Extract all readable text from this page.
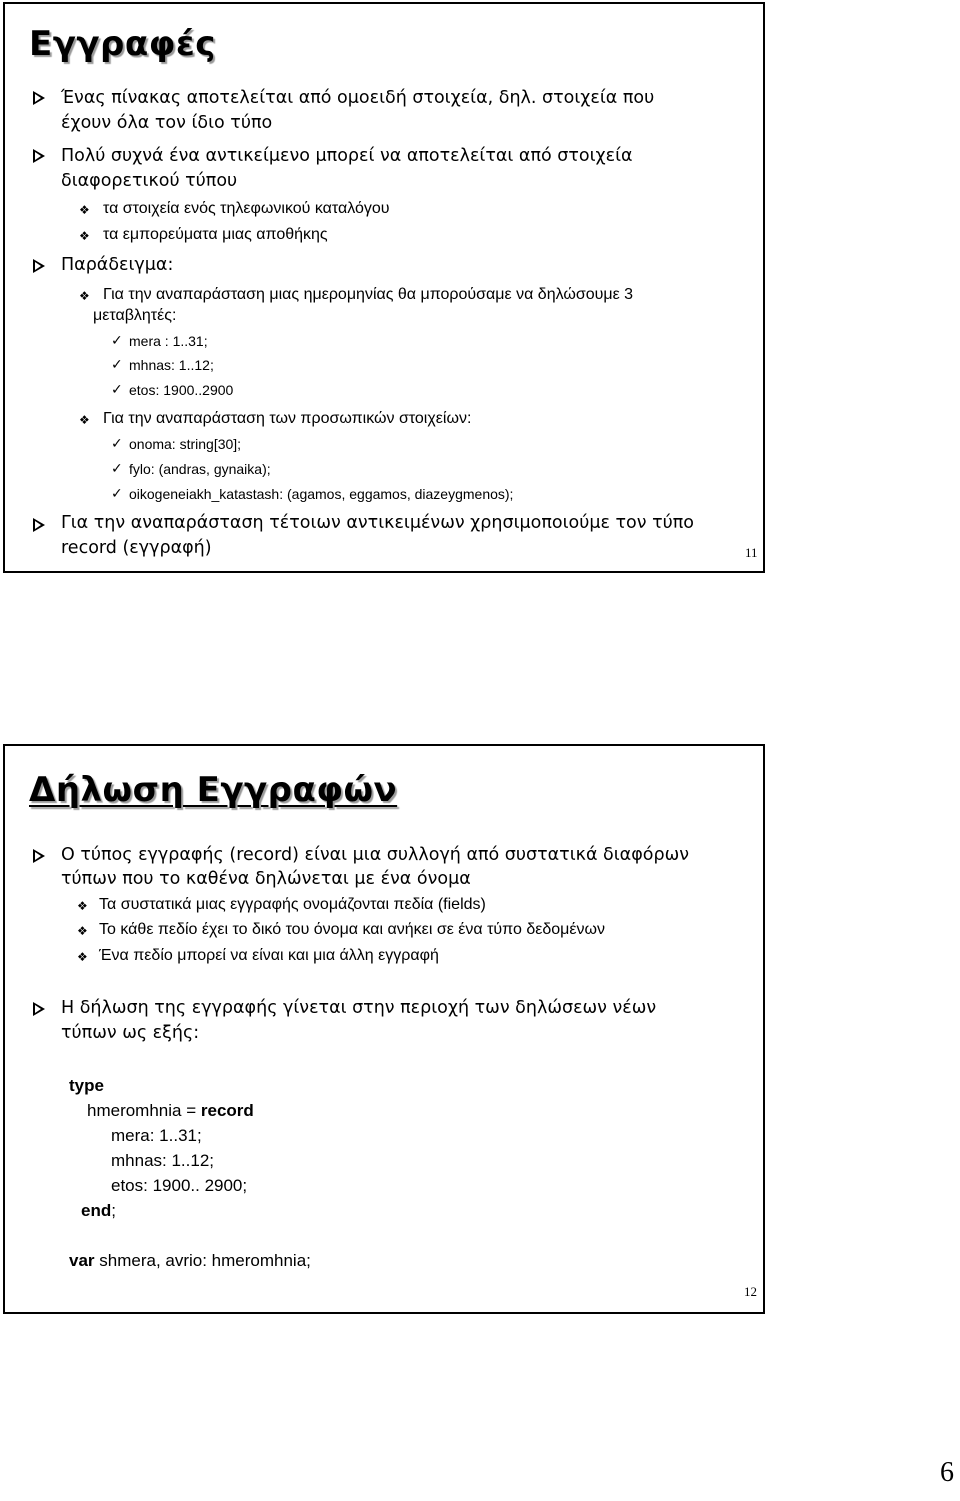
Εγγραφές
Ένας πίνακας αποτελείται από ομοειδή στοιχεία, δηλ. στοιχεία που
έχουν όλα τον ίδιο τύπο
Πολύ συχνά ένα αντικείμενο μπορεί να αποτελείται από στοιχεία
διαφορετικού τύπου
❖ τα στοιχεία ενός τηλεφωνικού καταλόγου
❖ τα εμπορεύματα μιας αποθήκης
Παράδειγμα:
❖ Για την αναπαράσταση μιας ημερομηνίας θα μπορούσαμε να δηλώσουμε 3
μεταβλητές:
✓ mera : 1..31;
✓ mhnas: 1..12;
✓ etos: 1900..2900
❖ Για την αναπαράσταση των προσωπικών στοιχείων:
✓ onoma: string[30];
✓ fylo: (andras, gynaika);
✓ oikogeneiakh_katastash: (agamos, eggamos, diazeygmenos);
Για την αναπαράσταση τέτοιων αντικειμένων χρησιμοποιούμε τον τύπο
record (εγγραφή)	11
Δήλωση Εγγραφών
Ο τύπος εγγραφής (record) είναι μια συλλογή από συστατικά διαφόρων
τύπων που το καθένα δηλώνεται με ένα όνομα
❖ Τα συστατικά μιας εγγραφής ονομάζονται πεδία (fields)
❖ Το κάθε πεδίο έχει το δικό του όνομα και ανήκει σε ένα τύπο δεδομένων
❖ Ένα πεδίο μπορεί να είναι και μια άλλη εγγραφή
Η δήλωση της εγγραφής γίνεται στην περιοχή των δηλώσεων νέων
τύπων ως εξής:
type
hmeromhnia = record
mera: 1..31;
mhnas: 1..12;
etos: 1900.. 2900;
end;
var shmera, avrio: hmeromhnia;
12
6
